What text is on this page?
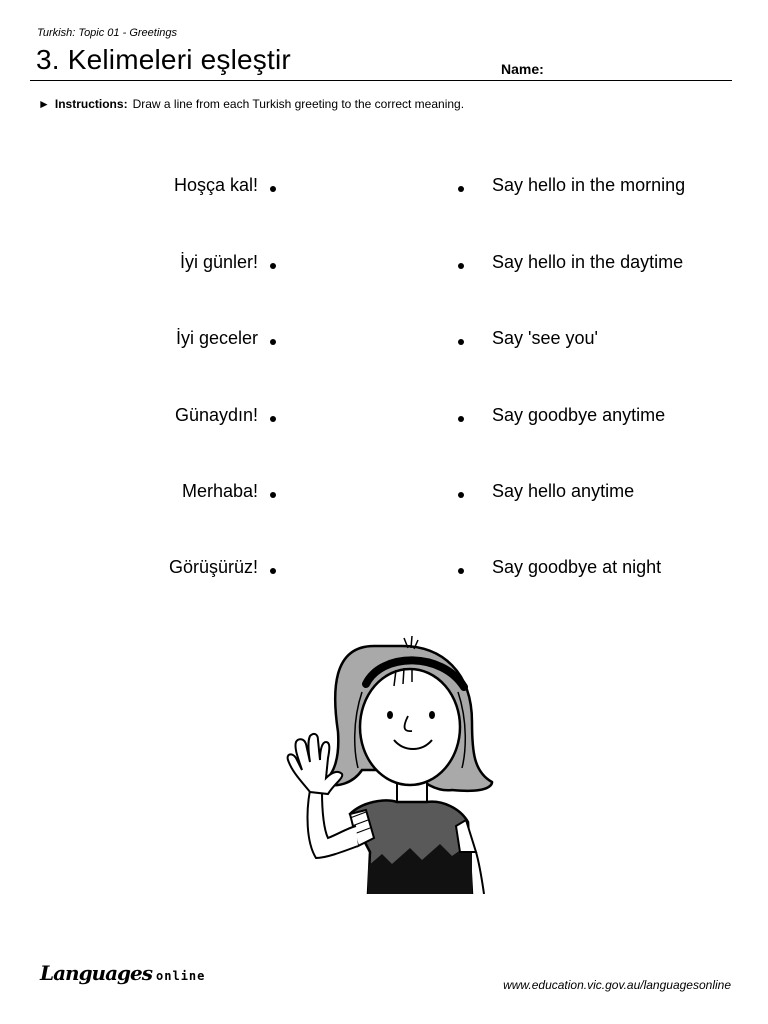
Turkish: Topic 01 - Greetings
3. Kelimeleri eşleştir	Name:
► Instructions: Draw a line from each Turkish greeting to the correct meaning.
Hoşça kal!	Say hello in the morning
İyi günler!	Say hello in the daytime
İyi geceler	Say 'see you'
Günaydın!	Say goodbye anytime
Merhaba!	Say hello anytime
Görüşürüz!	Say goodbye at night
Languages online
www.education.vic.gov.au/languagesonline
